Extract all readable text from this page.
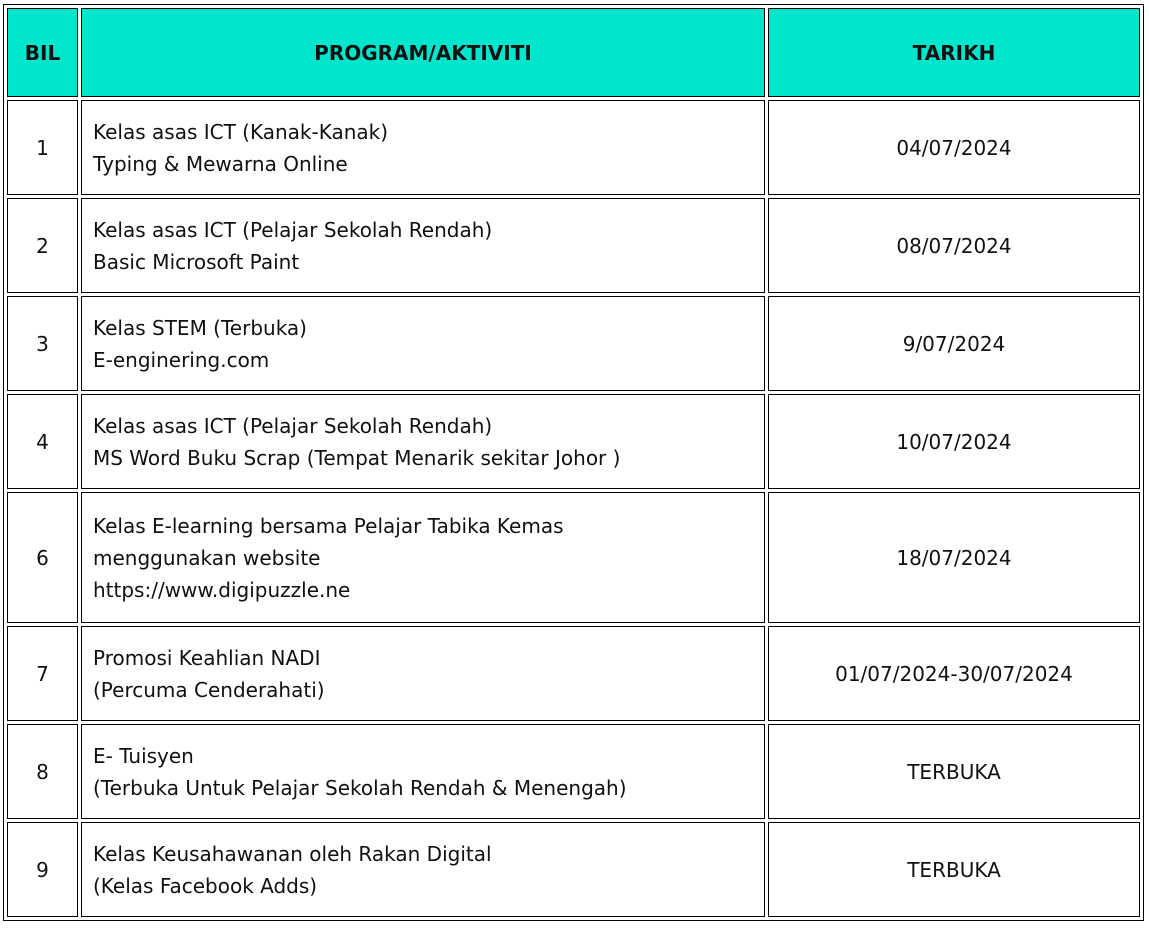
BIL	PROGRAM/AKTIVITI	TARIKH
1	Kelas asas ICT (Kanak-Kanak)
Typing & Mewarna Online	04/07/2024
2	Kelas asas ICT (Pelajar Sekolah Rendah)
Basic Microsoft Paint	08/07/2024
3	Kelas STEM (Terbuka)
E-enginering.com	9/07/2024
4	Kelas asas ICT (Pelajar Sekolah Rendah)
MS Word Buku Scrap (Tempat Menarik sekitar Johor )	10/07/2024
6	Kelas E-learning bersama Pelajar Tabika Kemas
menggunakan website
https://www.digipuzzle.ne	18/07/2024
7	Promosi Keahlian NADI
(Percuma Cenderahati)	01/07/2024-30/07/2024
8	E- Tuisyen
(Terbuka Untuk Pelajar Sekolah Rendah & Menengah)	TERBUKA
9	Kelas Keusahawanan oleh Rakan Digital
(Kelas Facebook Adds)	TERBUKA
